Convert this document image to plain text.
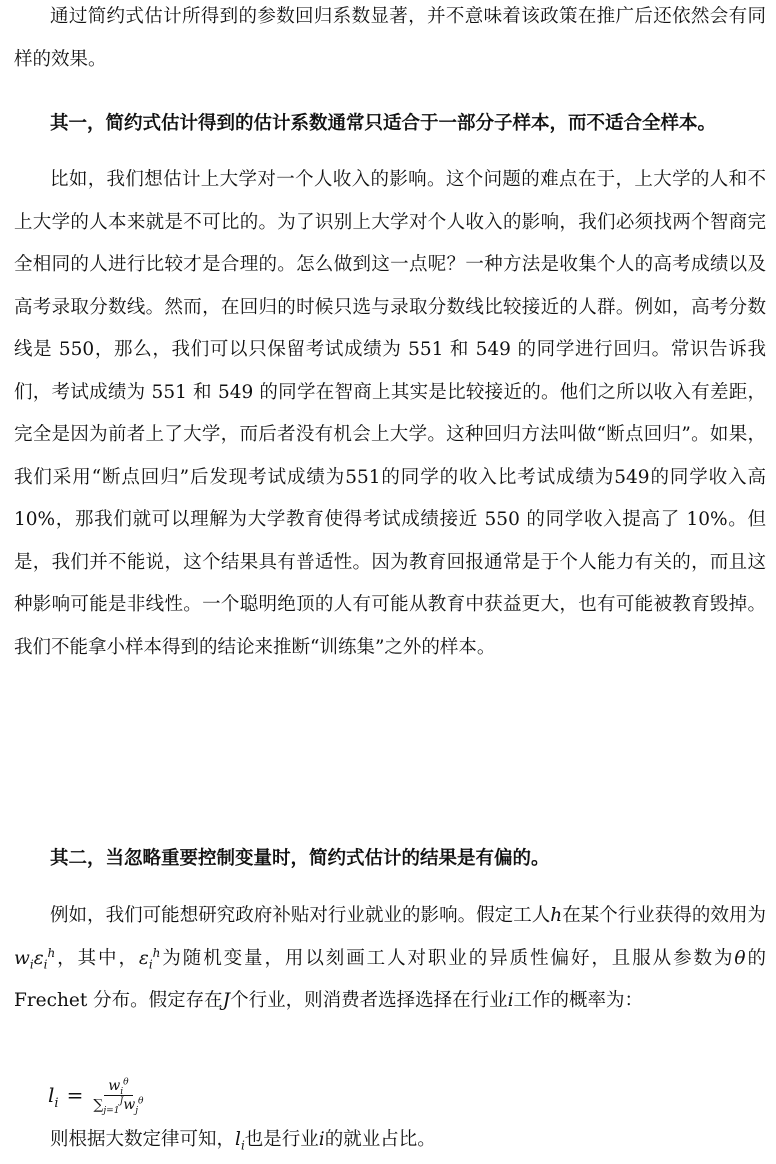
通过简约式估计所得到的参数回归系数显著，并不意味着该政策在推广后还依然会有同样的效果。

其一，简约式估计得到的估计系数通常只适合于一部分子样本，而不适合全样本。

比如，我们想估计上大学对一个人收入的影响。这个问题的难点在于，上大学的人和不上大学的人本来就是不可比的。为了识别上大学对个人收入的影响，我们必须找两个智商完全相同的人进行比较才是合理的。怎么做到这一点呢？一种方法是收集个人的高考成绩以及高考录取分数线。然而，在回归的时候只选与录取分数线比较接近的人群。例如，高考分数线是 550，那么，我们可以只保留考试成绩为 551 和 549 的同学进行回归。常识告诉我们，考试成绩为 551 和 549 的同学在智商上其实是比较接近的。他们之所以收入有差距，完全是因为前者上了大学，而后者没有机会上大学。这种回归方法叫做“断点回归”。如果，我们采用“断点回归”后发现考试成绩为551的同学的收入比考试成绩为549的同学收入高10%，那我们就可以理解为大学教育使得考试成绩接近 550 的同学收入提高了 10%。但是，我们并不能说，这个结果具有普适性。因为教育回报通常是于个人能力有关的，而且这种影响可能是非线性。一个聪明绝顶的人有可能从教育中获益更大，也有可能被教育毁掉。我们不能拿小样本得到的结论来推断“训练集”之外的样本。

其二，当忽略重要控制变量时，简约式估计的结果是有偏的。

例如，我们可能想研究政府补贴对行业就业的影响。假定工人h在某个行业获得的效用为$w_i\varepsilon_i^h$，其中，$\varepsilon_i^h$为随机变量，用以刻画工人对职业的异质性偏好，且服从参数为θ的 Frechet 分布。假定存在J个行业，则消费者选择选择在行业i工作的概率为：

$l_i = \frac{w_i^\theta}{\sum_{j=1}^Jw_j^\theta}$

则根据大数定律可知，$l_i$也是行业i的就业占比。
